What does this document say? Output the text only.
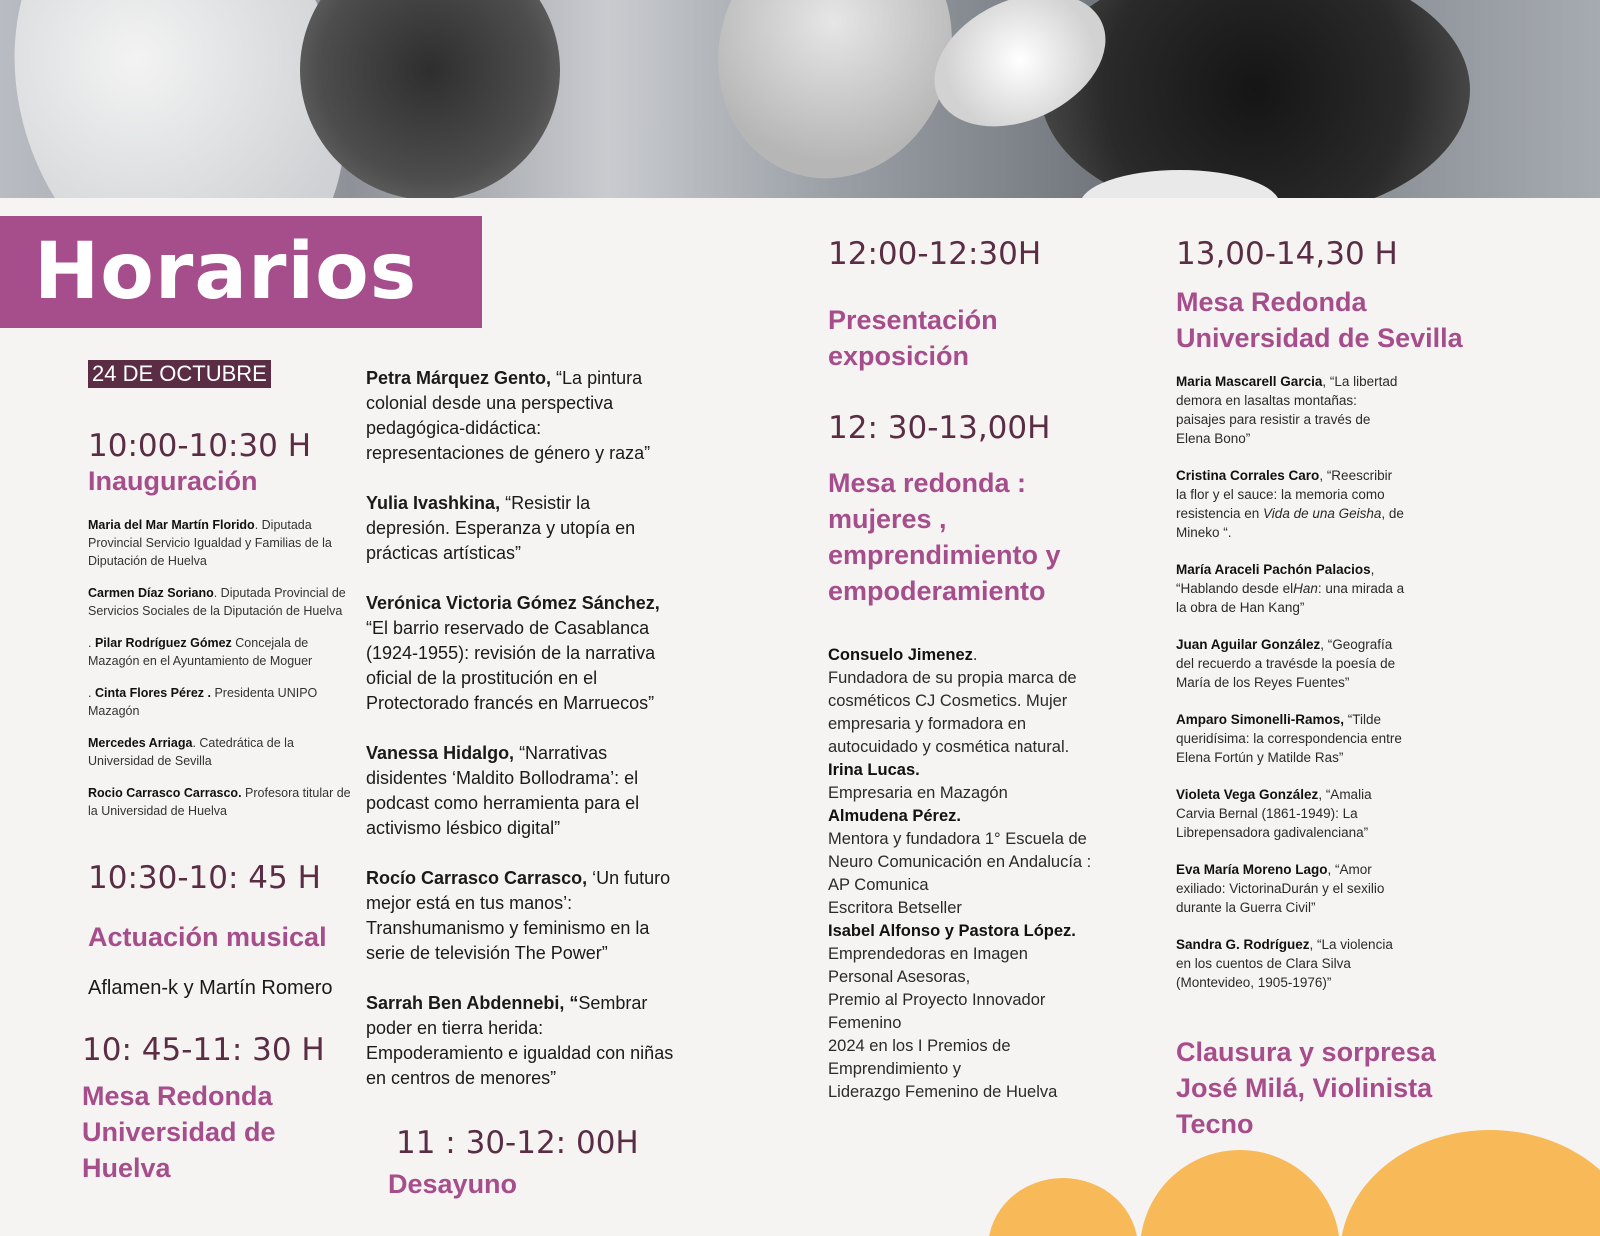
Horarios
24 DE OCTUBRE
10:00-10:30 H
Inauguración

Maria del Mar Martín Florido. Diputada Provincial Servicio Igualdad y Familias de la Diputación de Huelva

Carmen Díaz Soriano. Diputada Provincial de Servicios Sociales de la Diputación de Huelva

. Pilar Rodríguez Gómez Concejala de Mazagón en el Ayuntamiento de Moguer

. Cinta Flores Pérez . Presidenta UNIPO Mazagón

Mercedes Arriaga. Catedrática de la Universidad de Sevilla

Rocio Carrasco Carrasco. Profesora titular de la Universidad de Huelva

10:30-10: 45 H
Actuación musical
Aflamen-k y Martín Romero
10: 45-11: 30 H
Mesa Redonda
Universidad de
Huelva

Petra Márquez Gento, “La pintura colonial desde una perspectiva pedagógica-didáctica: representaciones de género y raza”

Yulia Ivashkina, “Resistir la depresión. Esperanza y utopía en prácticas artísticas”

Verónica Victoria Gómez Sánchez, “El barrio reservado de Casablanca (1924-1955): revisión de la narrativa oficial de la prostitución en el Protectorado francés en Marruecos”

Vanessa Hidalgo, “Narrativas disidentes ‘Maldito Bollodrama’: el podcast como herramienta para el activismo lésbico digital”

Rocío Carrasco Carrasco, ‘Un futuro mejor está en tus manos’: Transhumanismo y feminismo en la serie de televisión The Power”

Sarrah Ben Abdennebi, “Sembrar poder en tierra herida: Empoderamiento e igualdad con niñas en centros de menores”

11 : 30-12: 00H
Desayuno
12:00-12:30H
Presentación
exposición
12: 30-13,00H
Mesa redonda :
mujeres ,
emprendimiento y
empoderamiento
Consuelo Jimenez.
Fundadora de su propia marca de
cosméticos CJ Cosmetics. Mujer
empresaria y formadora en
autocuidado y cosmética natural.
Irina Lucas.
Empresaria en Mazagón
Almudena Pérez.
Mentora y fundadora 1° Escuela de
Neuro Comunicación en Andalucía :
AP Comunica
Escritora Betseller
Isabel Alfonso y Pastora López.
Emprendedoras en Imagen
Personal Asesoras,
Premio al Proyecto Innovador
Femenino
2024 en los I Premios de
Emprendimiento y
Liderazgo Femenino de Huelva
13,00-14,30 H
Mesa Redonda
Universidad de Sevilla

Maria Mascarell Garcia, “La libertad demora en lasaltas montañas: paisajes para resistir a través de Elena Bono”

Cristina Corrales Caro, “Reescribir la flor y el sauce: la memoria como resistencia en Vida de una Geisha, de Mineko “.

María Araceli Pachón Palacios, “Hablando desde elHan: una mirada a la obra de Han Kang”

Juan Aguilar González, “Geografía del recuerdo a travésde la poesía de María de los Reyes Fuentes”

Amparo Simonelli-Ramos, “Tilde queridísima: la correspondencia entre Elena Fortún y Matilde Ras”

Violeta Vega González, “Amalia Carvia Bernal (1861-1949): La Librepensadora gadivalenciana”

Eva María Moreno Lago, “Amor exiliado: VictorinaDurán y el sexilio durante la Guerra Civil”

Sandra G. Rodríguez, “La violencia en los cuentos de Clara Silva (Montevideo, 1905-1976)”

Clausura y sorpresa
José Milá, Violinista
Tecno
